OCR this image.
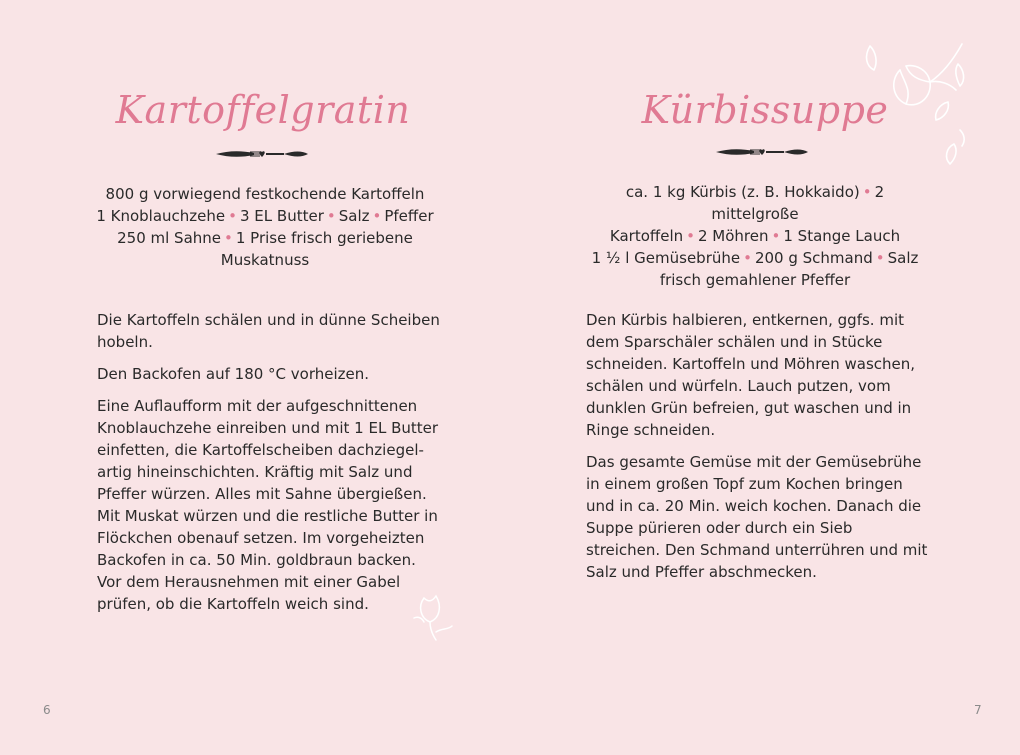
Kartoffelgratin
800 g vorwiegend festkochende Kartoffeln
1 Knoblauchzehe • 3 EL Butter • Salz • Pfeffer
250 ml Sahne • 1 Prise frisch geriebene
Muskatnuss

Die Kartoffeln schälen und in dünne Scheiben hobeln.

Den Backofen auf 180 °C vorheizen.

Eine Auflaufform mit der aufgeschnittenen Knoblauchzehe einreiben und mit 1 EL Butter einfetten, die Kartoffelscheiben dachziegel-artig hineinschichten. Kräftig mit Salz und Pfeffer würzen. Alles mit Sahne übergießen. Mit Muskat würzen und die restliche Butter in Flöckchen obenauf setzen. Im vorgeheizten Backofen in ca. 50 Min. goldbraun backen. Vor dem Herausnehmen mit einer Gabel prüfen, ob die Kartoffeln weich sind.

6
Kürbissuppe
ca. 1 kg Kürbis (z. B. Hokkaido) • 2 mittelgroße
Kartoffeln • 2 Möhren • 1 Stange Lauch
1 ½ l Gemüsebrühe • 200 g Schmand • Salz
frisch gemahlener Pfeffer

Den Kürbis halbieren, entkernen, ggfs. mit dem Sparschäler schälen und in Stücke schneiden. Kartoffeln und Möhren waschen, schälen und würfeln. Lauch putzen, vom dunklen Grün befreien, gut waschen und in Ringe schneiden.

Das gesamte Gemüse mit der Gemüsebrühe in einem großen Topf zum Kochen bringen und in ca. 20 Min. weich kochen. Danach die Suppe pürieren oder durch ein Sieb streichen. Den Schmand unterrühren und mit Salz und Pfeffer abschmecken.

7
